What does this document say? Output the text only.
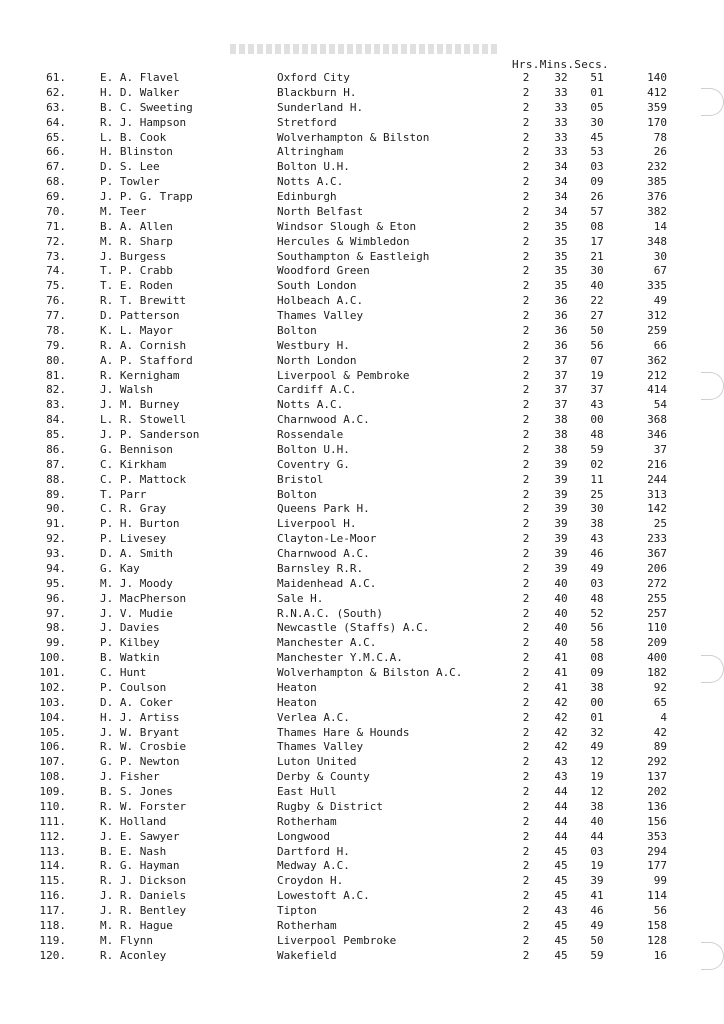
Hrs.Mins.Secs.
61.	E. A. Flavel	Oxford City	2 32 51	140
62.	H. D. Walker	Blackburn H.	2 33 01	412
63.	B. C. Sweeting	Sunderland H.	2 33 05	359
64.	R. J. Hampson	Stretford	2 33 30	170
65.	L. B. Cook	Wolverhampton & Bilston	2 33 45	78
66.	H. Blinston	Altringham	2 33 53	26
67.	D. S. Lee	Bolton U.H.	2 34 03	232
68.	P. Towler	Notts A.C.	2 34 09	385
69.	J. P. G. Trapp	Edinburgh	2 34 26	376
70.	M. Teer	North Belfast	2 34 57	382
71.	B. A. Allen	Windsor Slough & Eton	2 35 08	14
72.	M. R. Sharp	Hercules & Wimbledon	2 35 17	348
73.	J. Burgess	Southampton & Eastleigh	2 35 21	30
74.	T. P. Crabb	Woodford Green	2 35 30	67
75.	T. E. Roden	South London	2 35 40	335
76.	R. T. Brewitt	Holbeach A.C.	2 36 22	49
77.	D. Patterson	Thames Valley	2 36 27	312
78.	K. L. Mayor	Bolton	2 36 50	259
79.	R. A. Cornish	Westbury H.	2 36 56	66
80.	A. P. Stafford	North London	2 37 07	362
81.	R. Kernigham	Liverpool & Pembroke	2 37 19	212
82.	J. Walsh	Cardiff A.C.	2 37 37	414
83.	J. M. Burney	Notts A.C.	2 37 43	54
84.	L. R. Stowell	Charnwood A.C.	2 38 00	368
85.	J. P. Sanderson	Rossendale	2 38 48	346
86.	G. Bennison	Bolton U.H.	2 38 59	37
87.	C. Kirkham	Coventry G.	2 39 02	216
88.	C. P. Mattock	Bristol	2 39 11	244
89.	T. Parr	Bolton	2 39 25	313
90.	C. R. Gray	Queens Park H.	2 39 30	142
91.	P. H. Burton	Liverpool H.	2 39 38	25
92.	P. Livesey	Clayton-Le-Moor	2 39 43	233
93.	D. A. Smith	Charnwood A.C.	2 39 46	367
94.	G. Kay	Barnsley R.R.	2 39 49	206
95.	M. J. Moody	Maidenhead A.C.	2 40 03	272
96.	J. MacPherson	Sale H.	2 40 48	255
97.	J. V. Mudie	R.N.A.C. (South)	2 40 52	257
98.	J. Davies	Newcastle (Staffs) A.C.	2 40 56	110
99.	P. Kilbey	Manchester A.C.	2 40 58	209
100.	B. Watkin	Manchester Y.M.C.A.	2 41 08	400
101.	C. Hunt	Wolverhampton & Bilston A.C.	2 41 09	182
102.	P. Coulson	Heaton	2 41 38	92
103.	D. A. Coker	Heaton	2 42 00	65
104.	H. J. Artiss	Verlea A.C.	2 42 01	4
105.	J. W. Bryant	Thames Hare & Hounds	2 42 32	42
106.	R. W. Crosbie	Thames Valley	2 42 49	89
107.	G. P. Newton	Luton United	2 43 12	292
108.	J. Fisher	Derby & County	2 43 19	137
109.	B. S. Jones	East Hull	2 44 12	202
110.	R. W. Forster	Rugby & District	2 44 38	136
111.	K. Holland	Rotherham	2 44 40	156
112.	J. E. Sawyer	Longwood	2 44 44	353
113.	B. E. Nash	Dartford H.	2 45 03	294
114.	R. G. Hayman	Medway A.C.	2 45 19	177
115.	R. J. Dickson	Croydon H.	2 45 39	99
116.	J. R. Daniels	Lowestoft A.C.	2 45 41	114
117.	J. R. Bentley	Tipton	2 43 46	56
118.	M. R. Hague	Rotherham	2 45 49	158
119.	M. Flynn	Liverpool Pembroke	2 45 50	128
120.	R. Aconley	Wakefield	2 45 59	16
